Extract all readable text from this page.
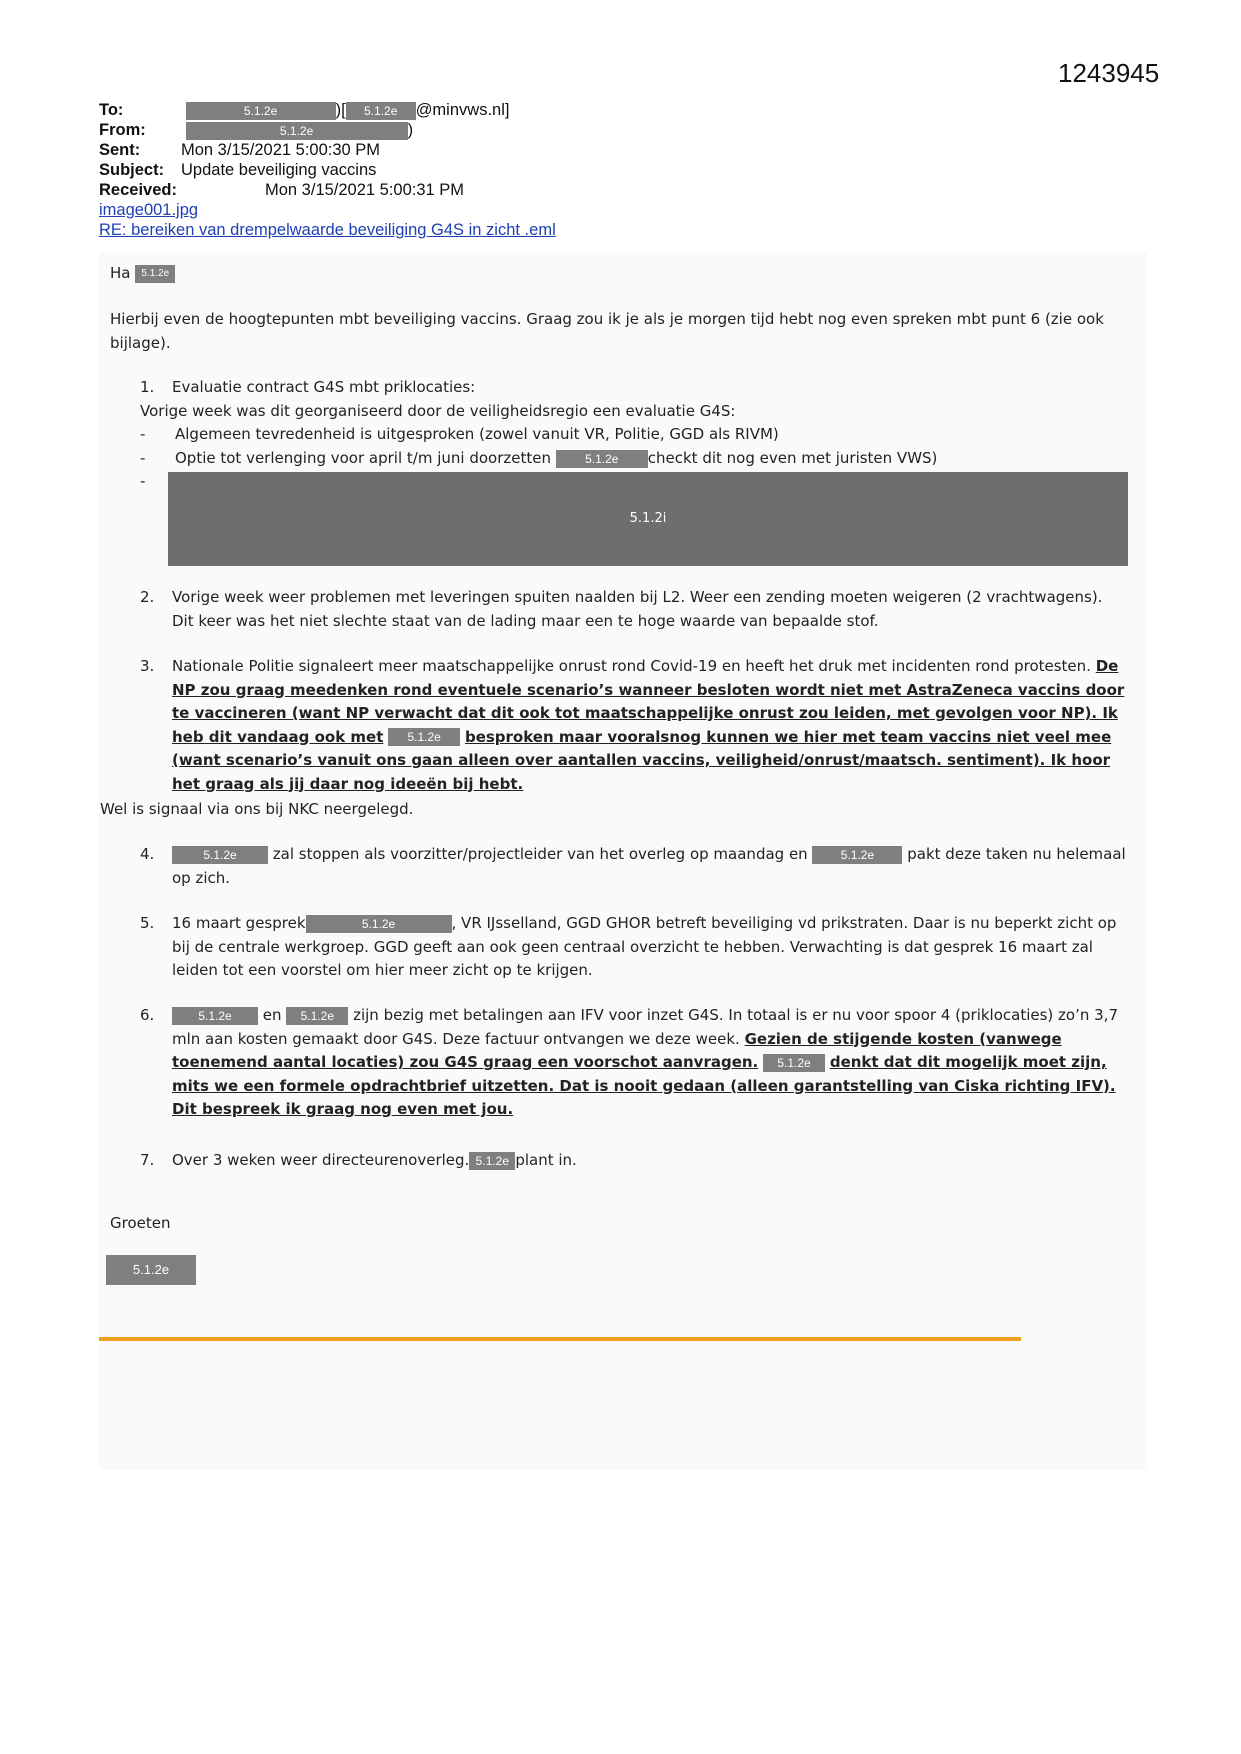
1243945
To:	5.1.2e	)[ 5.1.2e @minvws.nl]
From:	5.1.2e	)
Sent: Mon 3/15/2021 5:00:30 PM
Subject: Update beveiliging vaccins
Received:	Mon 3/15/2021 5:00:31 PM
image001.jpg
RE: bereiken van drempelwaarde beveiliging G4S in zicht .eml

Ha 5.1.2e

Hierbij even de hoogtepunten mbt beveiliging vaccins. Graag zou ik je als je morgen tijd hebt nog even spreken mbt punt 6 (zie ook bijlage).

1.	Evaluatie contract G4S mbt priklocaties:

Vorige week was dit georganiseerd door de veiligheidsregio een evaluatie G4S:

- Algemeen tevredenheid is uitgesproken (zowel vanuit VR, Politie, GGD als RIVM)

- Optie tot verlenging voor april t/m juni doorzetten	5.1.2e checkt dit nog even met juristen VWS)

-

5.1.2i
2.	Vorige week weer problemen met leveringen spuiten naalden bij L2. Weer een zending moeten weigeren (2 vrachtwagens). Dit keer was het niet slechte staat van de lading maar een te hoge waarde van bepaalde stof.
3.	Nationale Politie signaleert meer maatschappelijke onrust rond Covid-19 en heeft het druk met incidenten rond protesten. De NP zou graag meedenken rond eventuele scenario’s wanneer besloten wordt niet met AstraZeneca vaccins door te vaccineren (want NP verwacht dat dit ook tot maatschappelijke onrust zou leiden, met gevolgen voor NP). Ik heb dit vandaag ook met 5.1.2e besproken maar vooralsnog kunnen we hier met team vaccins niet veel mee (want scenario’s vanuit ons gaan alleen over aantallen vaccins, veiligheid/onrust/maatsch. sentiment). Ik hoor het graag als jij daar nog ideeën bij hebt.

Wel is signaal via ons bij NKC neergelegd.

4.	5.1.2e zal stoppen als voorzitter/projectleider van het overleg op maandag en	5.1.2e pakt deze taken nu helemaal op zich.
5.	16 maart gesprek	5.1.2e	, VR IJsselland, GGD GHOR betreft beveiliging vd prikstraten. Daar is nu beperkt zicht op bij de centrale werkgroep. GGD geeft aan ook geen centraal overzicht te hebben. Verwachting is dat gesprek 16 maart zal leiden tot een voorstel om hier meer zicht op te krijgen.
6.	5.1.2e en 5.1.2e zijn bezig met betalingen aan IFV voor inzet G4S. In totaal is er nu voor spoor 4 (priklocaties) zo’n 3,7 mln aan kosten gemaakt door G4S. Deze factuur ontvangen we deze week. Gezien de stijgende kosten (vanwege toenemend aantal locaties) zou G4S graag een voorschot aanvragen. 5.1.2e denkt dat dit mogelijk moet zijn, mits we een formele opdrachtbrief uitzetten. Dat is nooit gedaan (alleen garantstelling van Ciska richting IFV). Dit bespreek ik graag nog even met jou.
7.	Over 3 weken weer directeurenoverleg. 5.1.2e plant in.

Groeten

5.1.2e
